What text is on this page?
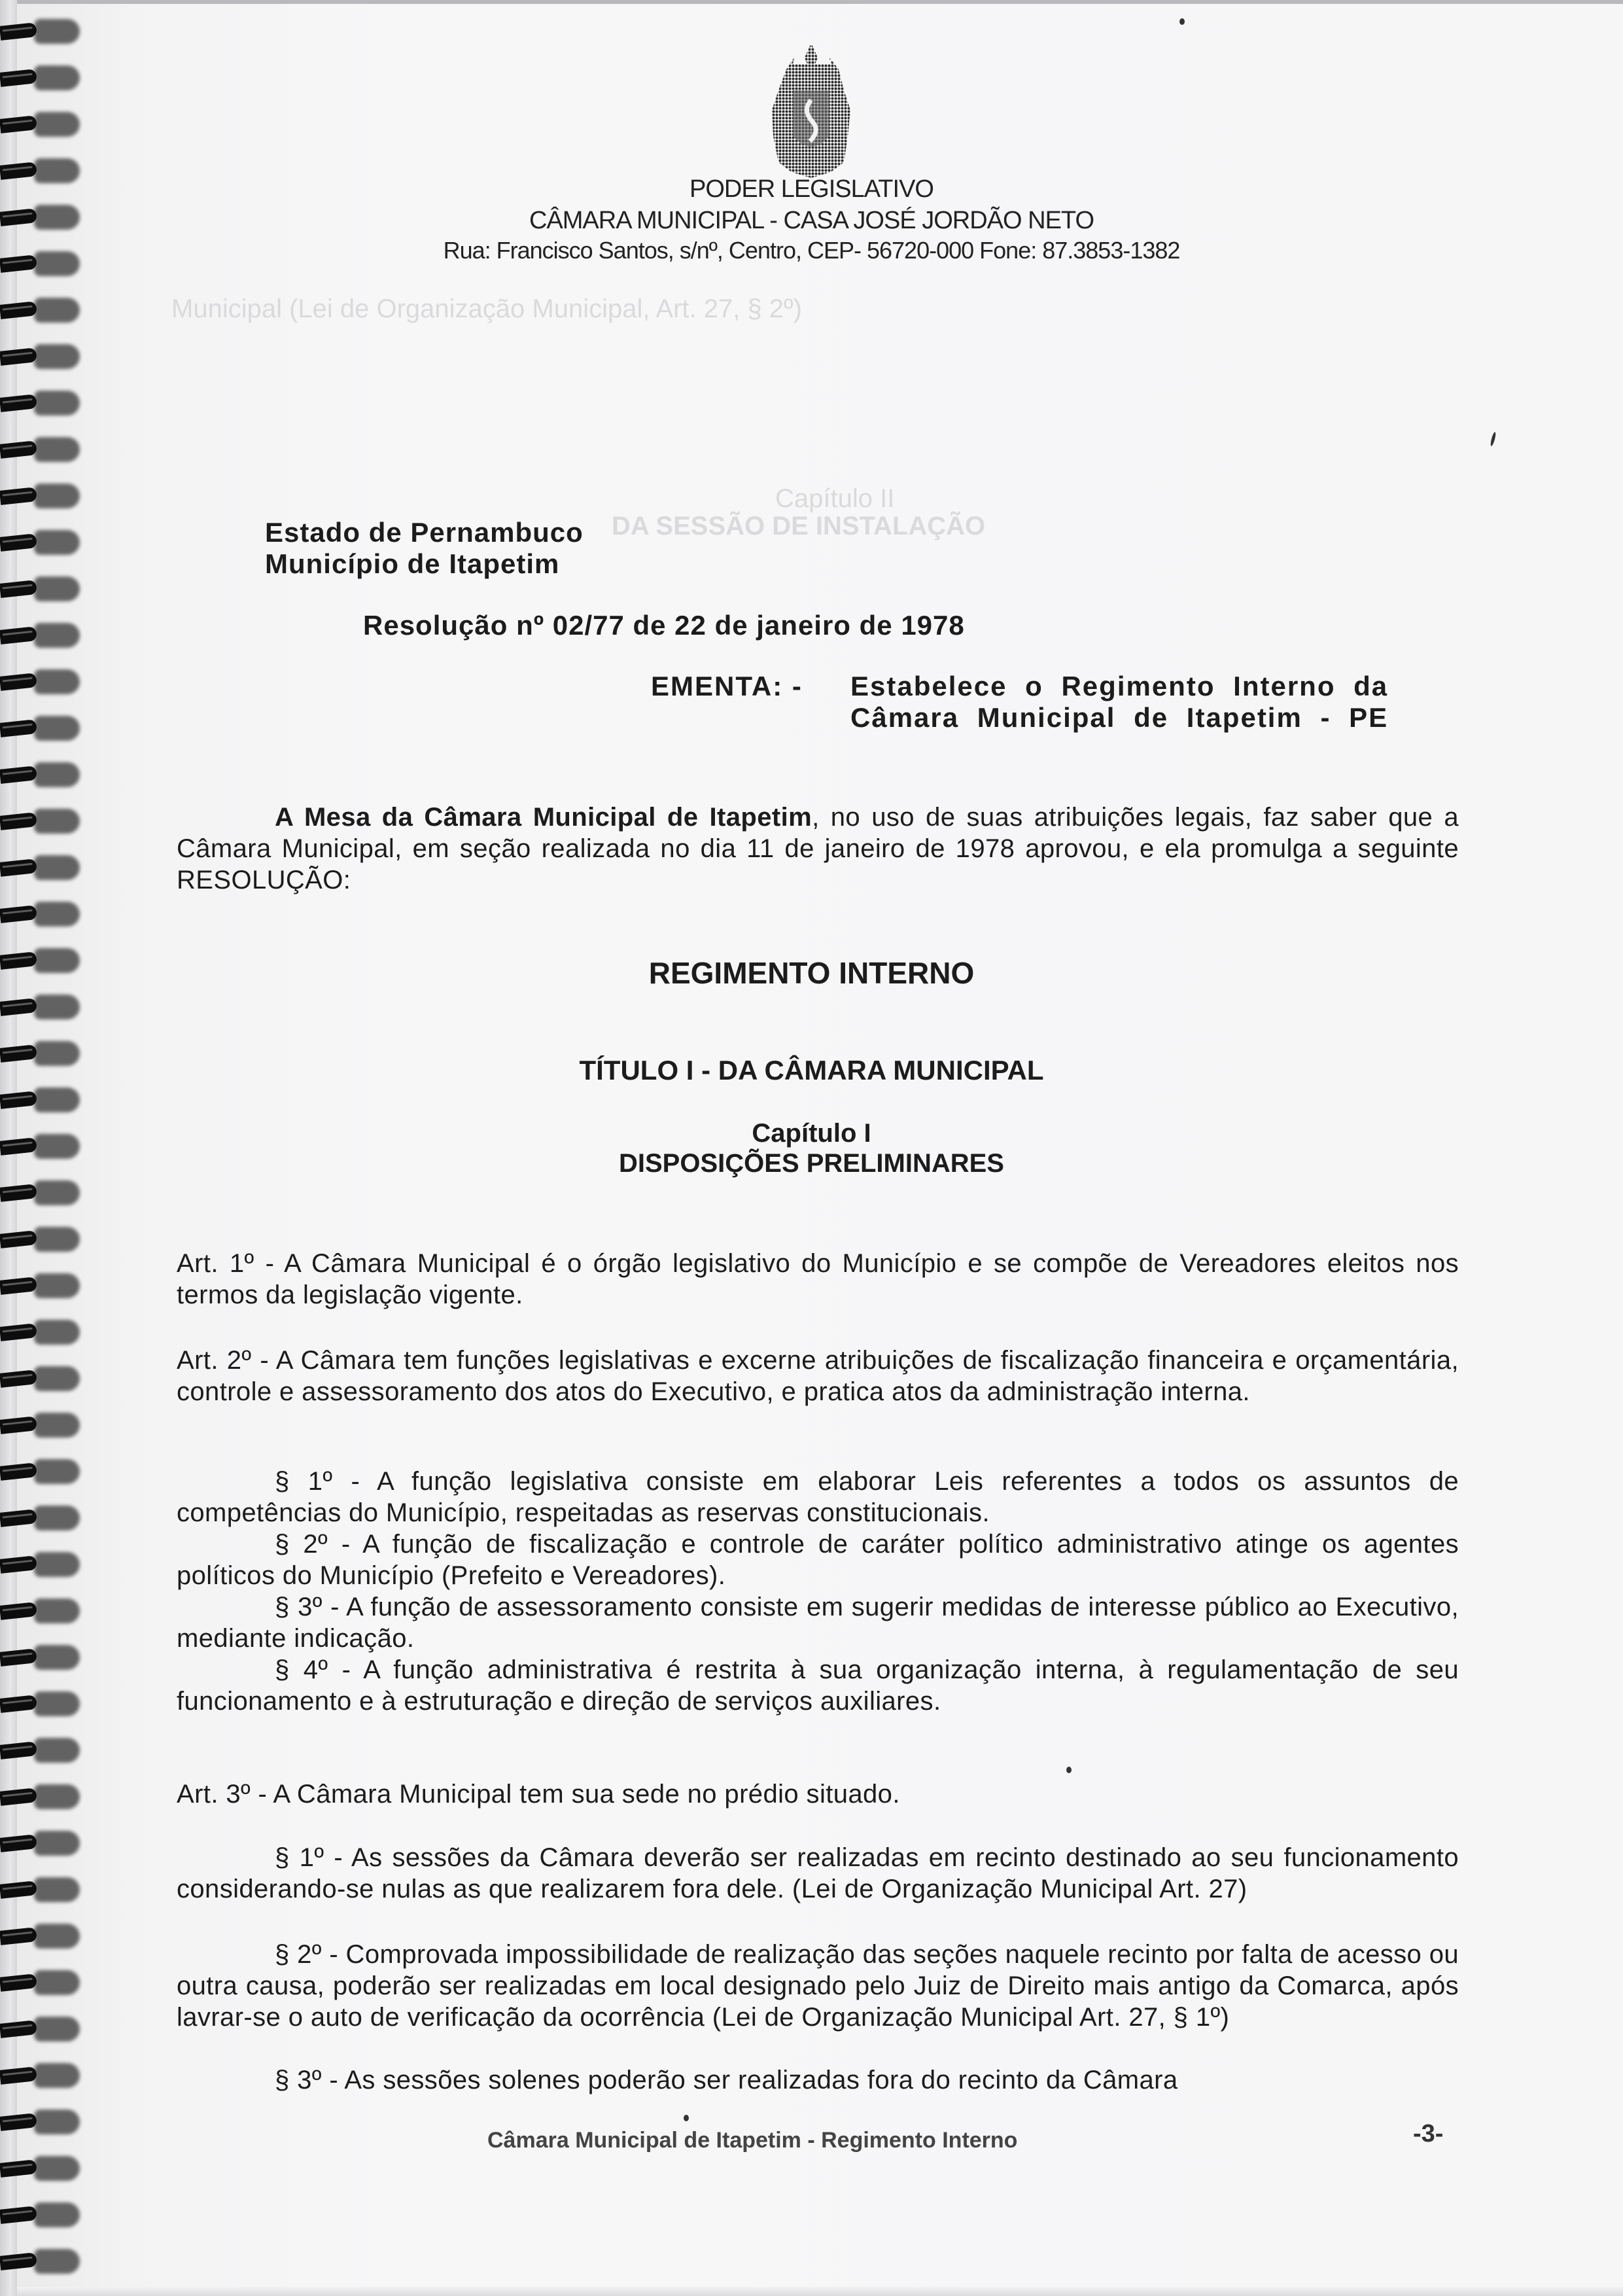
Municipal (Lei de Organização Municipal, Art. 27, § 2º)
Capítulo II
DA SESSÃO DE INSTALAÇÃO
PODER LEGISLATIVO
CÂMARA MUNICIPAL - CASA JOSÉ JORDÃO NETO
Rua: Francisco Santos, s/nº, Centro, CEP- 56720-000 Fone: 87.3853-1382
Estado de Pernambuco
Município de Itapetim
Resolução nº 02/77 de 22 de janeiro de 1978
EMENTA: - Estabelece o Regimento Interno da
Câmara Municipal de Itapetim - PE
A Mesa da Câmara Municipal de Itapetim, no uso de suas atribuições legais, faz saber que a Câmara Municipal, em seção realizada no dia 11 de janeiro de 1978 aprovou, e ela promulga a seguinte RESOLUÇÃO:
REGIMENTO INTERNO
TÍTULO I - DA CÂMARA MUNICIPAL
Capítulo I
DISPOSIÇÕES PRELIMINARES
Art. 1º - A Câmara Municipal é o órgão legislativo do Município e se compõe de Vereadores eleitos nos termos da legislação vigente.
Art. 2º - A Câmara tem funções legislativas e excerne atribuições de fiscalização financeira e orçamentária, controle e assessoramento dos atos do Executivo, e pratica atos da administração interna.
§ 1º - A função legislativa consiste em elaborar Leis referentes a todos os assuntos de competências do Município, respeitadas as reservas constitucionais.
§ 2º - A função de fiscalização e controle de caráter político administrativo atinge os agentes políticos do Município (Prefeito e Vereadores).
§ 3º - A função de assessoramento consiste em sugerir medidas de interesse público ao Executivo, mediante indicação.
§ 4º - A função administrativa é restrita à sua organização interna, à regulamentação de seu funcionamento e à estruturação e direção de serviços auxiliares.
Art. 3º - A Câmara Municipal tem sua sede no prédio situado.
§ 1º - As sessões da Câmara deverão ser realizadas em recinto destinado ao seu funcionamento considerando-se nulas as que realizarem fora dele. (Lei de Organização Municipal Art. 27)
§ 2º - Comprovada impossibilidade de realização das seções naquele recinto por falta de acesso ou outra causa, poderão ser realizadas em local designado pelo Juiz de Direito mais antigo da Comarca, após lavrar-se o auto de verificação da ocorrência (Lei de Organização Municipal Art. 27, § 1º)
§ 3º - As sessões solenes poderão ser realizadas fora do recinto da Câmara
Câmara Municipal de Itapetim - Regimento Interno	-3-
